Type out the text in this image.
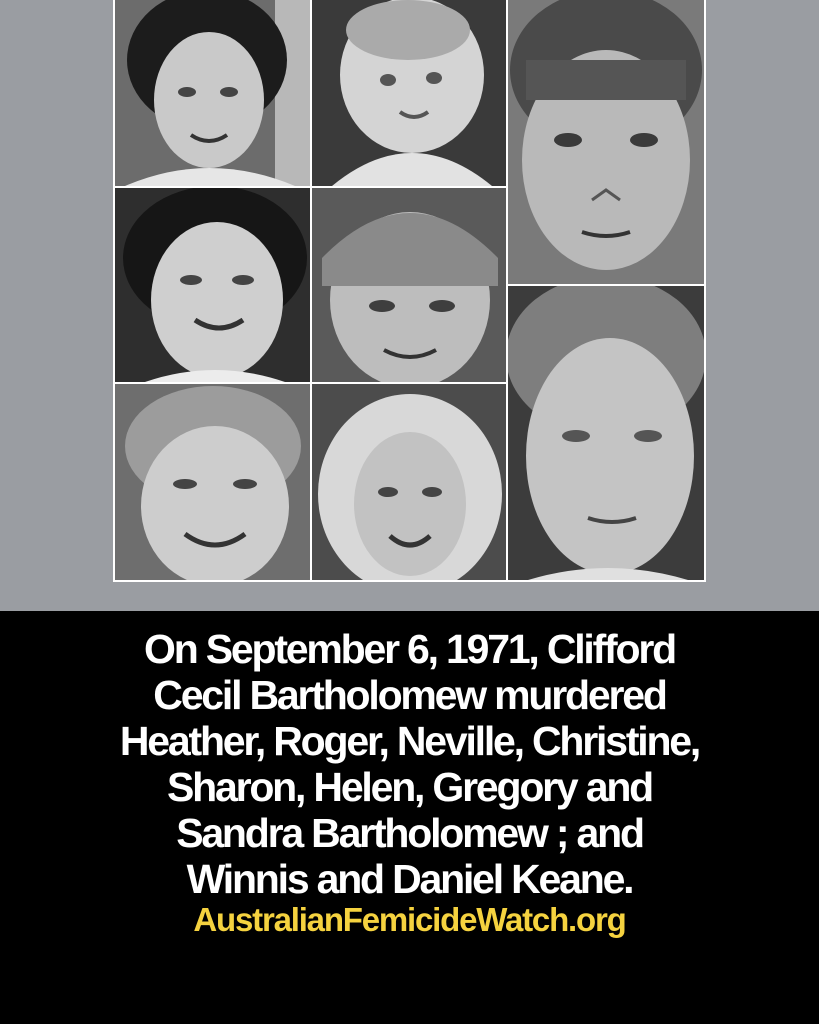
On September 6, 1971, Clifford
Cecil Bartholomew murdered
Heather, Roger, Neville, Christine,
Sharon, Helen, Gregory and
Sandra Bartholomew ; and
Winnis and Daniel Keane.

AustralianFemicideWatch.org
